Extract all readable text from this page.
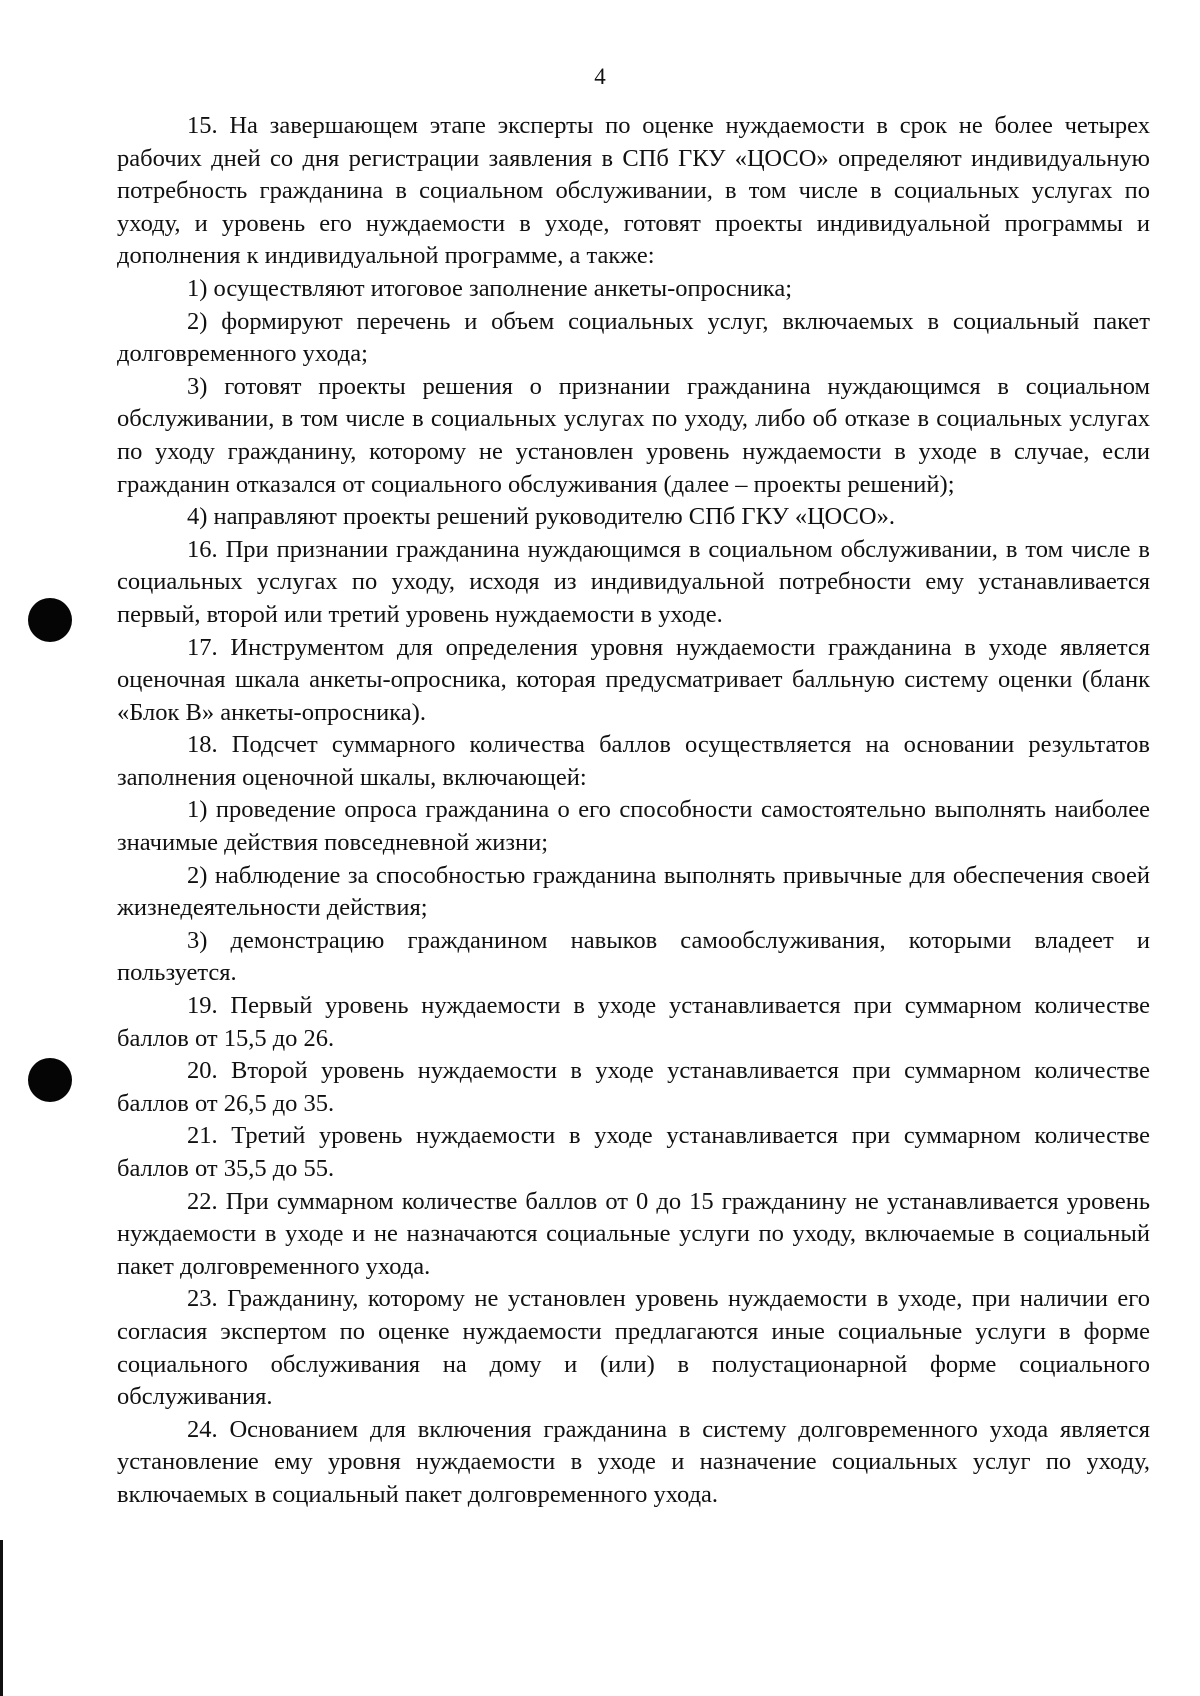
4

15. На завершающем этапе эксперты по оценке нуждаемости в срок не более четырех рабочих дней со дня регистрации заявления в СПб ГКУ «ЦОСО» определяют индивидуальную потребность гражданина в социальном обслуживании, в том числе в социальных услугах по уходу, и уровень его нуждаемости в уходе, готовят проекты индивидуальной программы и дополнения к индивидуальной программе, а также:

1) осуществляют итоговое заполнение анкеты-опросника;

2) формируют перечень и объем социальных услуг, включаемых в социальный пакет долговременного ухода;

3) готовят проекты решения о признании гражданина нуждающимся в социальном обслуживании, в том числе в социальных услугах по уходу, либо об отказе в социальных услугах по уходу гражданину, которому не установлен уровень нуждаемости в уходе в случае, если гражданин отказался от социального обслуживания (далее – проекты решений);

4) направляют проекты решений руководителю СПб ГКУ «ЦОСО».

16. При признании гражданина нуждающимся в социальном обслуживании, в том числе в социальных услугах по уходу, исходя из индивидуальной потребности ему устанавливается первый, второй или третий уровень нуждаемости в уходе.

17. Инструментом для определения уровня нуждаемости гражданина в уходе является оценочная шкала анкеты-опросника, которая предусматривает балльную систему оценки (бланк «Блок В» анкеты-опросника).

18. Подсчет суммарного количества баллов осуществляется на основании результатов заполнения оценочной шкалы, включающей:

1) проведение опроса гражданина о его способности самостоятельно выполнять наиболее значимые действия повседневной жизни;

2) наблюдение за способностью гражданина выполнять привычные для обеспечения своей жизнедеятельности действия;

3) демонстрацию гражданином навыков самообслуживания, которыми владеет и пользуется.

19. Первый уровень нуждаемости в уходе устанавливается при суммарном количестве баллов от 15,5 до 26.

20. Второй уровень нуждаемости в уходе устанавливается при суммарном количестве баллов от 26,5 до 35.

21. Третий уровень нуждаемости в уходе устанавливается при суммарном количестве баллов от 35,5 до 55.

22. При суммарном количестве баллов от 0 до 15 гражданину не устанавливается уровень нуждаемости в уходе и не назначаются социальные услуги по уходу, включаемые в социальный пакет долговременного ухода.

23. Гражданину, которому не установлен уровень нуждаемости в уходе, при наличии его согласия экспертом по оценке нуждаемости предлагаются иные социальные услуги в форме социального обслуживания на дому и (или) в полустационарной форме социального обслуживания.

24. Основанием для включения гражданина в систему долговременного ухода является установление ему уровня нуждаемости в уходе и назначение социальных услуг по уходу, включаемых в социальный пакет долговременного ухода.
